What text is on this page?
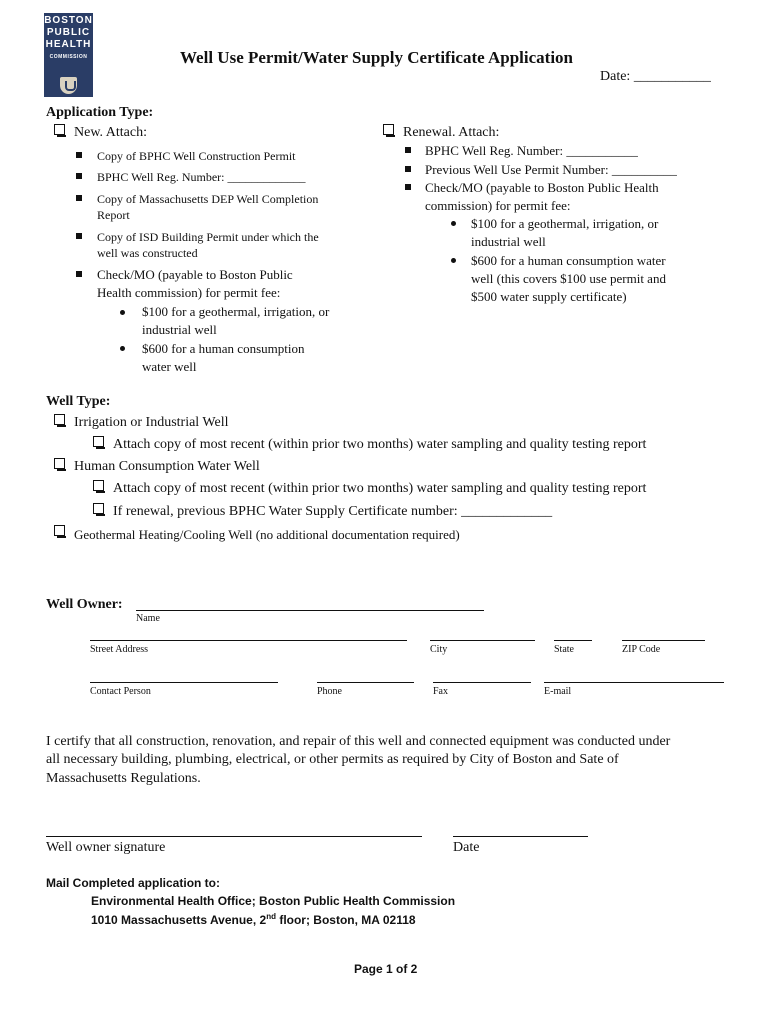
BOSTON
PUBLIC
HEALTH
COMMISSION	Well Use Permit/Water Supply Certificate Application
Date: ___________
Application Type:
New. Attach:
Copy of BPHC Well Construction Permit
BPHC Well Reg. Number: _____________
Copy of Massachusetts DEP Well Completion
Report
Copy of ISD Building Permit under which the
well was constructed
Check/MO (payable to Boston Public
Health commission) for permit fee:
$100 for a geothermal, irrigation, or
industrial well
$600 for a human consumption
water well
Renewal. Attach:
BPHC Well Reg. Number: ___________
Previous Well Use Permit Number: __________
Check/MO (payable to Boston Public Health
commission) for permit fee:
$100 for a geothermal, irrigation, or
industrial well
$600 for a human consumption water
well (this covers $100 use permit and
$500 water supply certificate)
Well Type:
Irrigation or Industrial Well
Attach copy of most recent (within prior two months) water sampling and quality testing report
Human Consumption Water Well
Attach copy of most recent (within prior two months) water sampling and quality testing report
If renewal, previous BPHC Water Supply Certificate number: _____________
Geothermal Heating/Cooling Well (no additional documentation required)
Well Owner:
Name
Street Address	City	State	ZIP Code
Contact Person	Phone	Fax	E-mail
I certify that all construction, renovation, and repair of this well and connected equipment was conducted under
all necessary building, plumbing, electrical, or other permits as required by City of Boston and Sate of
Massachusetts Regulations.
Well owner signature	Date
Mail Completed application to:
Environmental Health Office; Boston Public Health Commission
1010 Massachusetts Avenue, 2nd floor; Boston, MA 02118
Page 1 of 2
